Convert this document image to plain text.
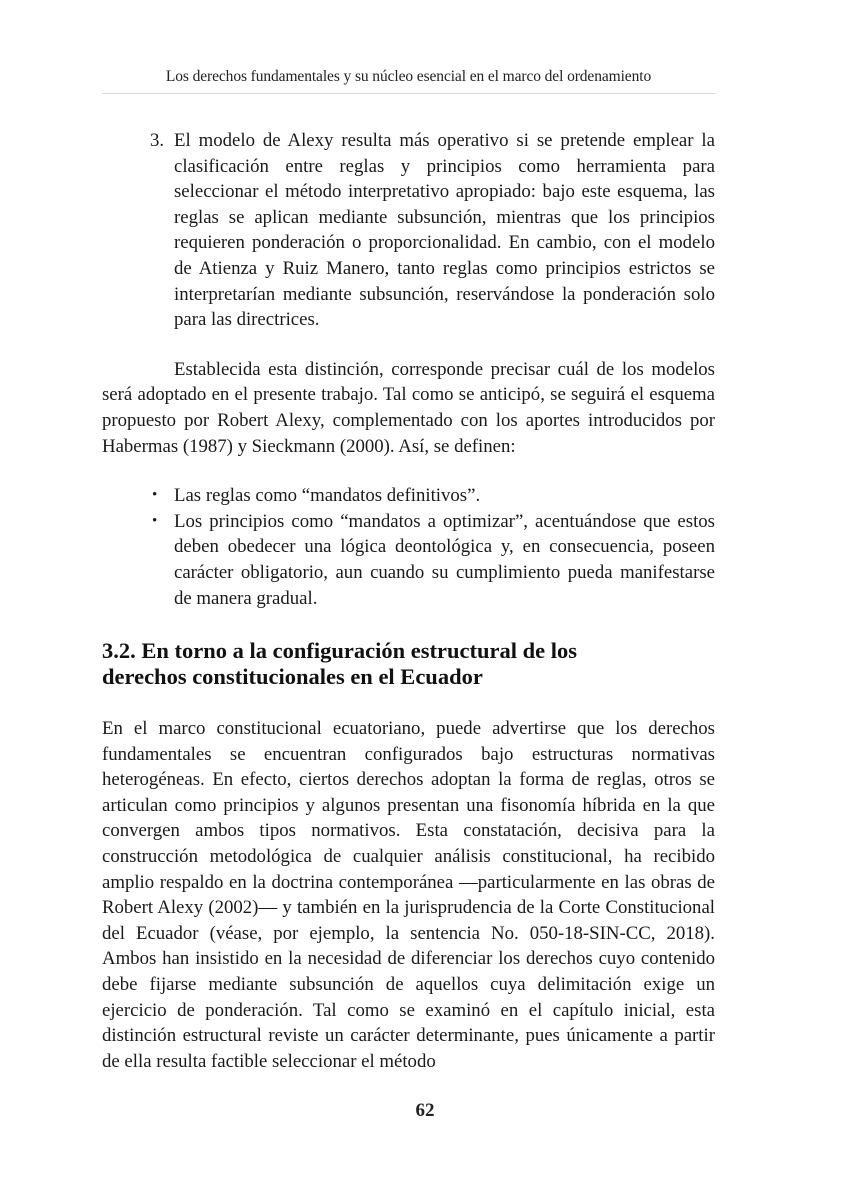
Los derechos fundamentales y su núcleo esencial en el marco del ordenamiento

3. El modelo de Alexy resulta más operativo si se pretende emplear la clasificación entre reglas y principios como herramienta para seleccionar el método interpretativo apropiado: bajo este esquema, las reglas se aplican mediante subsunción, mientras que los principios requieren ponderación o proporcionalidad. En cambio, con el modelo de Atienza y Ruiz Manero, tanto reglas como principios estrictos se interpretarían mediante subsunción, reservándose la ponderación solo para las directrices.

Establecida esta distinción, corresponde precisar cuál de los modelos será adoptado en el presente trabajo. Tal como se anticipó, se seguirá el esquema propuesto por Robert Alexy, complementado con los aportes introducidos por Habermas (1987) y Sieckmann (2000). Así, se definen:

• Las reglas como “mandatos definitivos”.
• Los principios como “mandatos a optimizar”, acentuándose que estos deben obedecer una lógica deontológica y, en consecuencia, poseen carácter obligatorio, aun cuando su cumplimiento pueda manifestarse de manera gradual.
3.2. En torno a la configuración estructural de los derechos constitucionales en el Ecuador

En el marco constitucional ecuatoriano, puede advertirse que los derechos fundamentales se encuentran configurados bajo estructuras normativas heterogéneas. En efecto, ciertos derechos adoptan la forma de reglas, otros se articulan como principios y algunos presentan una fisonomía híbrida en la que convergen ambos tipos normativos. Esta constatación, decisiva para la construcción metodológica de cualquier análisis constitucional, ha recibido amplio respaldo en la doctrina contemporánea —particularmente en las obras de Robert Alexy (2002)— y también en la jurisprudencia de la Corte Constitucional del Ecuador (véase, por ejemplo, la sentencia No. 050-18-SIN-CC, 2018). Ambos han insistido en la necesidad de diferenciar los derechos cuyo contenido debe fijarse mediante subsunción de aquellos cuya delimitación exige un ejercicio de ponderación. Tal como se examinó en el capítulo inicial, esta distinción estructural reviste un carácter determinante, pues únicamente a partir de ella resulta factible seleccionar el método

62
